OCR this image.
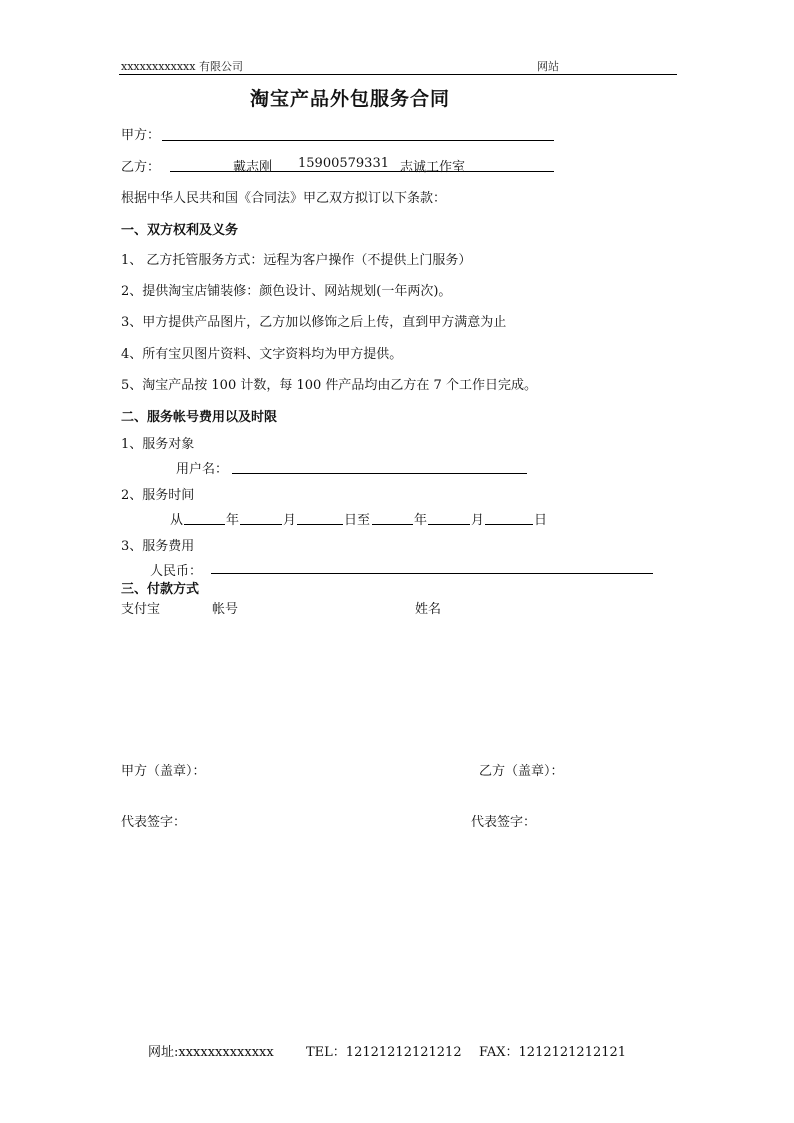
xxxxxxxxxxxx 有限公司	网站
淘宝产品外包服务合同
甲方：
乙方：	戴志刚 15900579331 志诚工作室
根据中华人民共和国《合同法》甲乙双方拟订以下条款：
一、双方权利及义务
1、 乙方托管服务方式：远程为客户操作（不提供上门服务）
2、提供淘宝店铺装修：颜色设计、网站规划(一年两次)。
3、甲方提供产品图片，乙方加以修饰之后上传，直到甲方满意为止
4、所有宝贝图片资料、文字资料均为甲方提供。
5、淘宝产品按 100 计数，每 100 件产品均由乙方在 7 个工作日完成。
二、服务帐号费用以及时限
1、服务对象
用户名：
2、服务时间
从	年	月	日至	年	月	日
3、服务费用
人民币：
三、付款方式
支付宝	帐号	姓名
甲方（盖章）：	乙方（盖章）：
代表签字：	代表签字：
网址:xxxxxxxxxxxxx TEL：12121212121212 FAX：1212121212121
